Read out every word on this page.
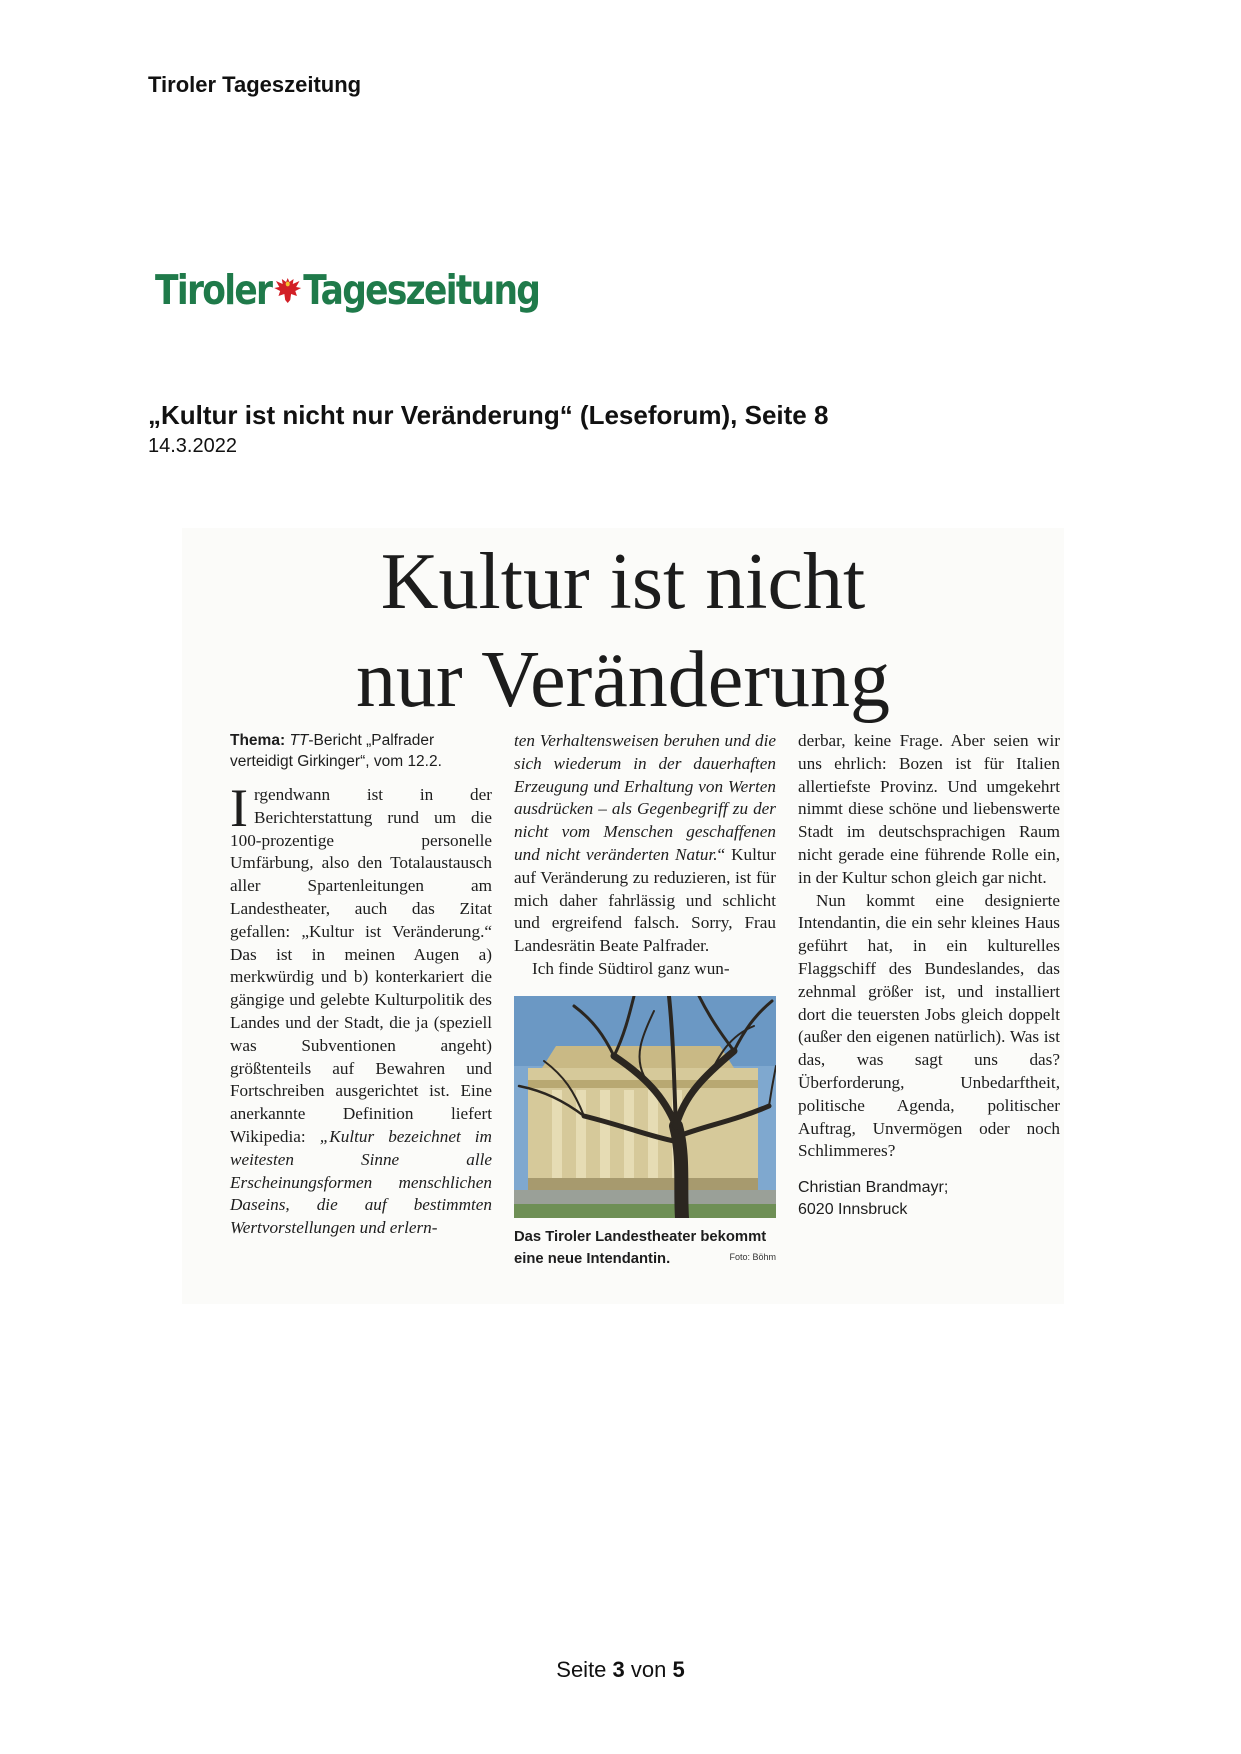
Tiroler Tageszeitung
Tiroler Tageszeitung
„Kultur ist nicht nur Veränderung“ (Leseforum), Seite 8
14.3.2022
Kultur ist nicht
nur Veränderung
Thema: TT-Bericht „Palfrader verteidigt Girkinger“, vom 12.2.
Irgendwann ist in der Berichterstattung rund um die 100-prozentige personelle Umfärbung, also den Totalaustausch aller Spartenleitungen am Landestheater, auch das Zitat gefallen: „Kultur ist Veränderung.“ Das ist in meinen Augen a) merkwürdig und b) konterkariert die gängige und gelebte Kulturpolitik des Landes und der Stadt, die ja (speziell was Subventionen angeht) größtenteils auf Bewahren und Fortschreiben ausgerichtet ist. Eine anerkannte Definition liefert Wikipedia: „Kultur bezeichnet im weitesten Sinne alle Erscheinungsformen menschlichen Daseins, die auf bestimmten Wertvorstellungen und erlern-
ten Verhaltensweisen beruhen und die sich wiederum in der dauerhaften Erzeugung und Erhaltung von Werten ausdrücken – als Gegenbegriff zu der nicht vom Menschen geschaffenen und nicht veränderten Natur.“ Kultur auf Veränderung zu reduzieren, ist für mich daher fahrlässig und schlicht und ergreifend falsch. Sorry, Frau Landesrätin Beate Palfrader.
Ich finde Südtirol ganz wun-
Das Tiroler Landestheater bekommt eine neue Intendantin.	Foto: Böhm
derbar, keine Frage. Aber seien wir uns ehrlich: Bozen ist für Italien allertiefste Provinz. Und umgekehrt nimmt diese schöne und liebenswerte Stadt im deutschsprachigen Raum nicht gerade eine führende Rolle ein, in der Kultur schon gleich gar nicht.
Nun kommt eine designierte Intendantin, die ein sehr kleines Haus geführt hat, in ein kulturelles Flaggschiff des Bundeslandes, das zehnmal größer ist, und installiert dort die teuersten Jobs gleich doppelt (außer den eigenen natürlich). Was ist das, was sagt uns das? Überforderung, Unbedarftheit, politische Agenda, politischer Auftrag, Unvermögen oder noch Schlimmeres?
Christian Brandmayr;
6020 Innsbruck
Seite 3 von 5
